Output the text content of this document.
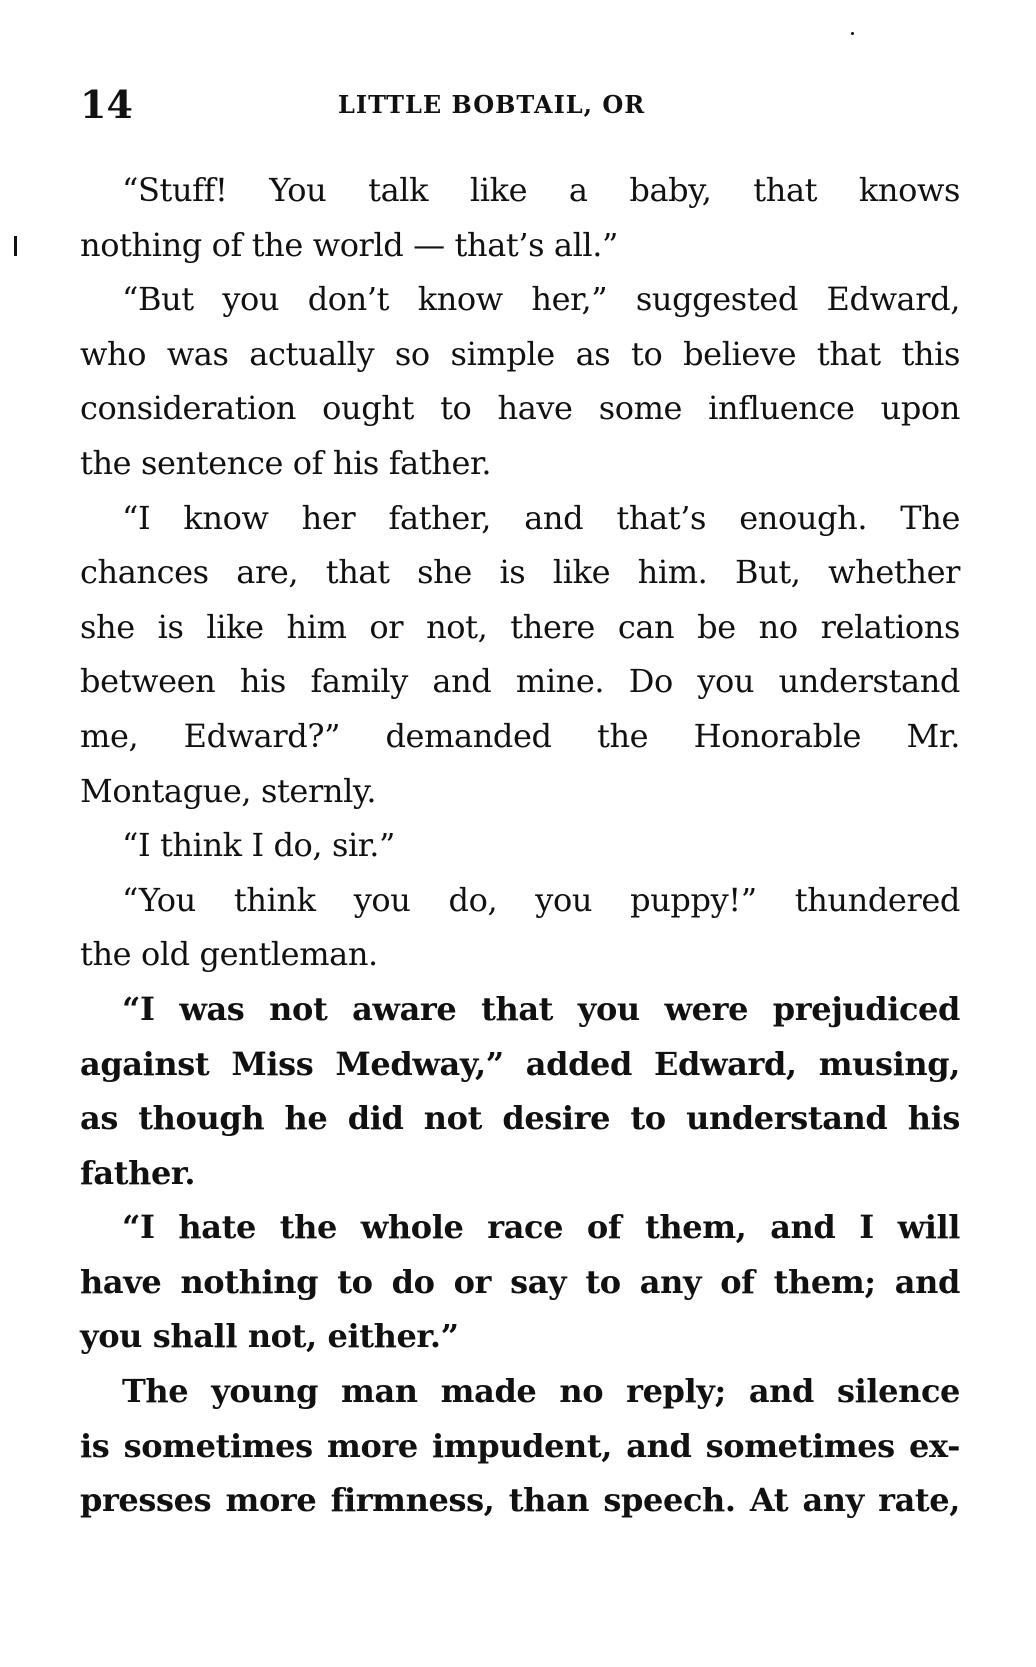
14	LITTLE BOBTAIL, OR
“Stuff! You talk like a baby, that knows
nothing of the world — that’s all.”
“But you don’t know her,” suggested Edward,
who was actually so simple as to believe that this
consideration ought to have some influence upon
the sentence of his father.
“I know her father, and that’s enough. The
chances are, that she is like him. But, whether
she is like him or not, there can be no relations
between his family and mine. Do you understand
me, Edward?” demanded the Honorable Mr.
Montague, sternly.
“I think I do, sir.”
“You think you do, you puppy!” thundered
the old gentleman.
“I was not aware that you were prejudiced
against Miss Medway,” added Edward, musing,
as though he did not desire to understand his
father.
“I hate the whole race of them, and I will
have nothing to do or say to any of them; and
you shall not, either.”
The young man made no reply; and silence
is sometimes more impudent, and sometimes ex-
presses more firmness, than speech. At any rate,
